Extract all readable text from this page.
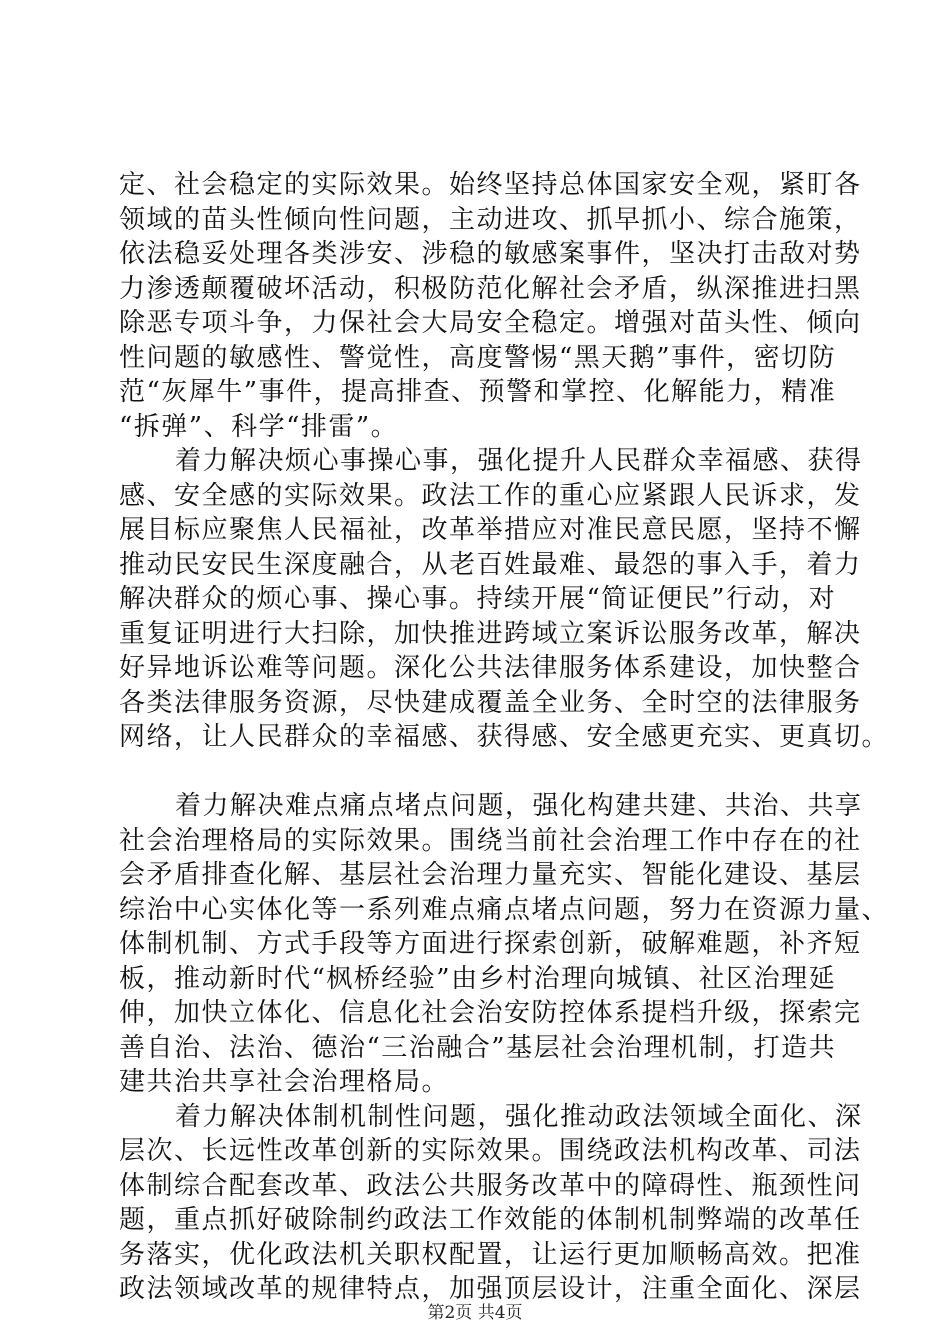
定、社会稳定的实际效果。始终坚持总体国家安全观，紧盯各
领域的苗头性倾向性问题，主动进攻、抓早抓小、综合施策，
依法稳妥处理各类涉安、涉稳的敏感案事件，坚决打击敌对势
力渗透颠覆破坏活动，积极防范化解社会矛盾，纵深推进扫黑
除恶专项斗争，力保社会大局安全稳定。增强对苗头性、倾向
性问题的敏感性、警觉性，高度警惕“黑天鹅”事件，密切防
范“灰犀牛”事件，提高排查、预警和掌控、化解能力，精准
“拆弹”、科学“排雷”。
着力解决烦心事操心事，强化提升人民群众幸福感、获得
感、安全感的实际效果。政法工作的重心应紧跟人民诉求，发
展目标应聚焦人民福祉，改革举措应对准民意民愿，坚持不懈
推动民安民生深度融合，从老百姓最难、最怨的事入手，着力
解决群众的烦心事、操心事。持续开展“简证便民”行动，对
重复证明进行大扫除，加快推进跨域立案诉讼服务改革，解决
好异地诉讼难等问题。深化公共法律服务体系建设，加快整合
各类法律服务资源，尽快建成覆盖全业务、全时空的法律服务
网络，让人民群众的幸福感、获得感、安全感更充实、更真切。
着力解决难点痛点堵点问题，强化构建共建、共治、共享
社会治理格局的实际效果。围绕当前社会治理工作中存在的社
会矛盾排查化解、基层社会治理力量充实、智能化建设、基层
综治中心实体化等一系列难点痛点堵点问题，努力在资源力量、
体制机制、方式手段等方面进行探索创新，破解难题，补齐短
板，推动新时代“枫桥经验”由乡村治理向城镇、社区治理延
伸，加快立体化、信息化社会治安防控体系提档升级，探索完
善自治、法治、德治“三治融合”基层社会治理机制，打造共
建共治共享社会治理格局。
着力解决体制机制性问题，强化推动政法领域全面化、深
层次、长远性改革创新的实际效果。围绕政法机构改革、司法
体制综合配套改革、政法公共服务改革中的障碍性、瓶颈性问
题，重点抓好破除制约政法工作效能的体制机制弊端的改革任
务落实，优化政法机关职权配置，让运行更加顺畅高效。把准
政法领域改革的规律特点，加强顶层设计，注重全面化、深层
第2页 共4页
